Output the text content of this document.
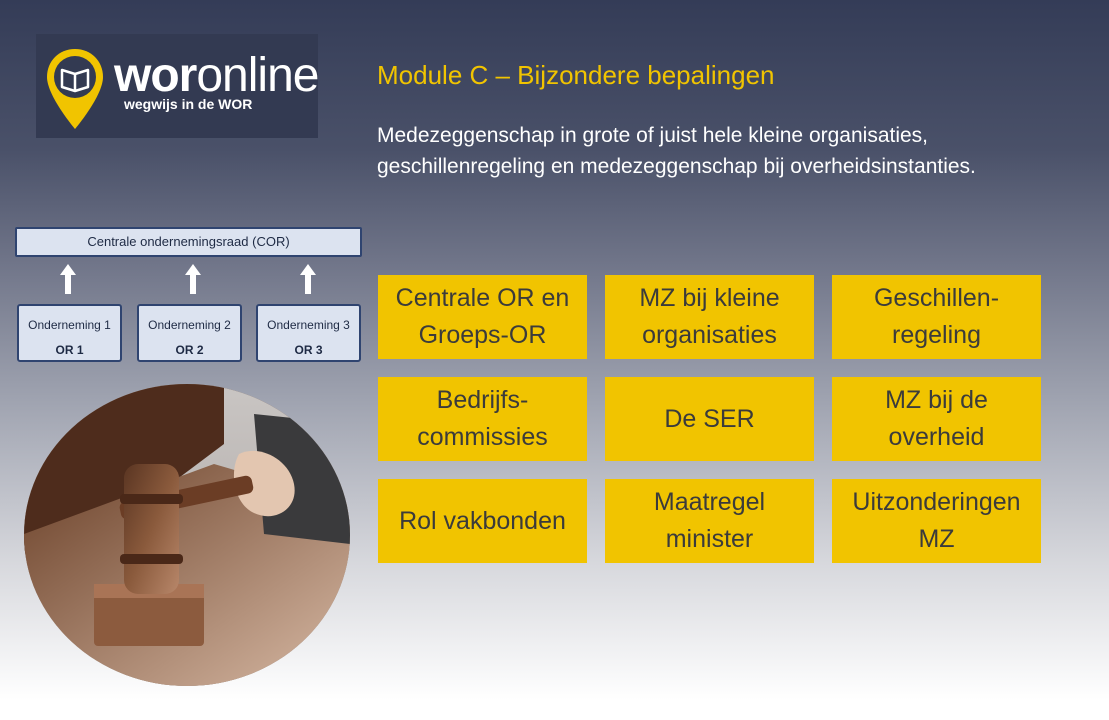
woronline
wegwijs in de WOR
Module C – Bijzondere bepalingen
Medezeggenschap in grote of juist hele kleine organisaties, geschillenregeling en medezeggenschap bij overheidsinstanties.
Centrale ondernemingsraad (COR)
Onderneming 1
OR 1
Onderneming 2
OR 2
Onderneming 3
OR 3
Centrale OR en
Groeps-OR
MZ bij kleine
organisaties
Geschillen-
regeling
Bedrijfs-
commissies
De SER
MZ bij de
overheid
Rol vakbonden
Maatregel
minister
Uitzonderingen
MZ
